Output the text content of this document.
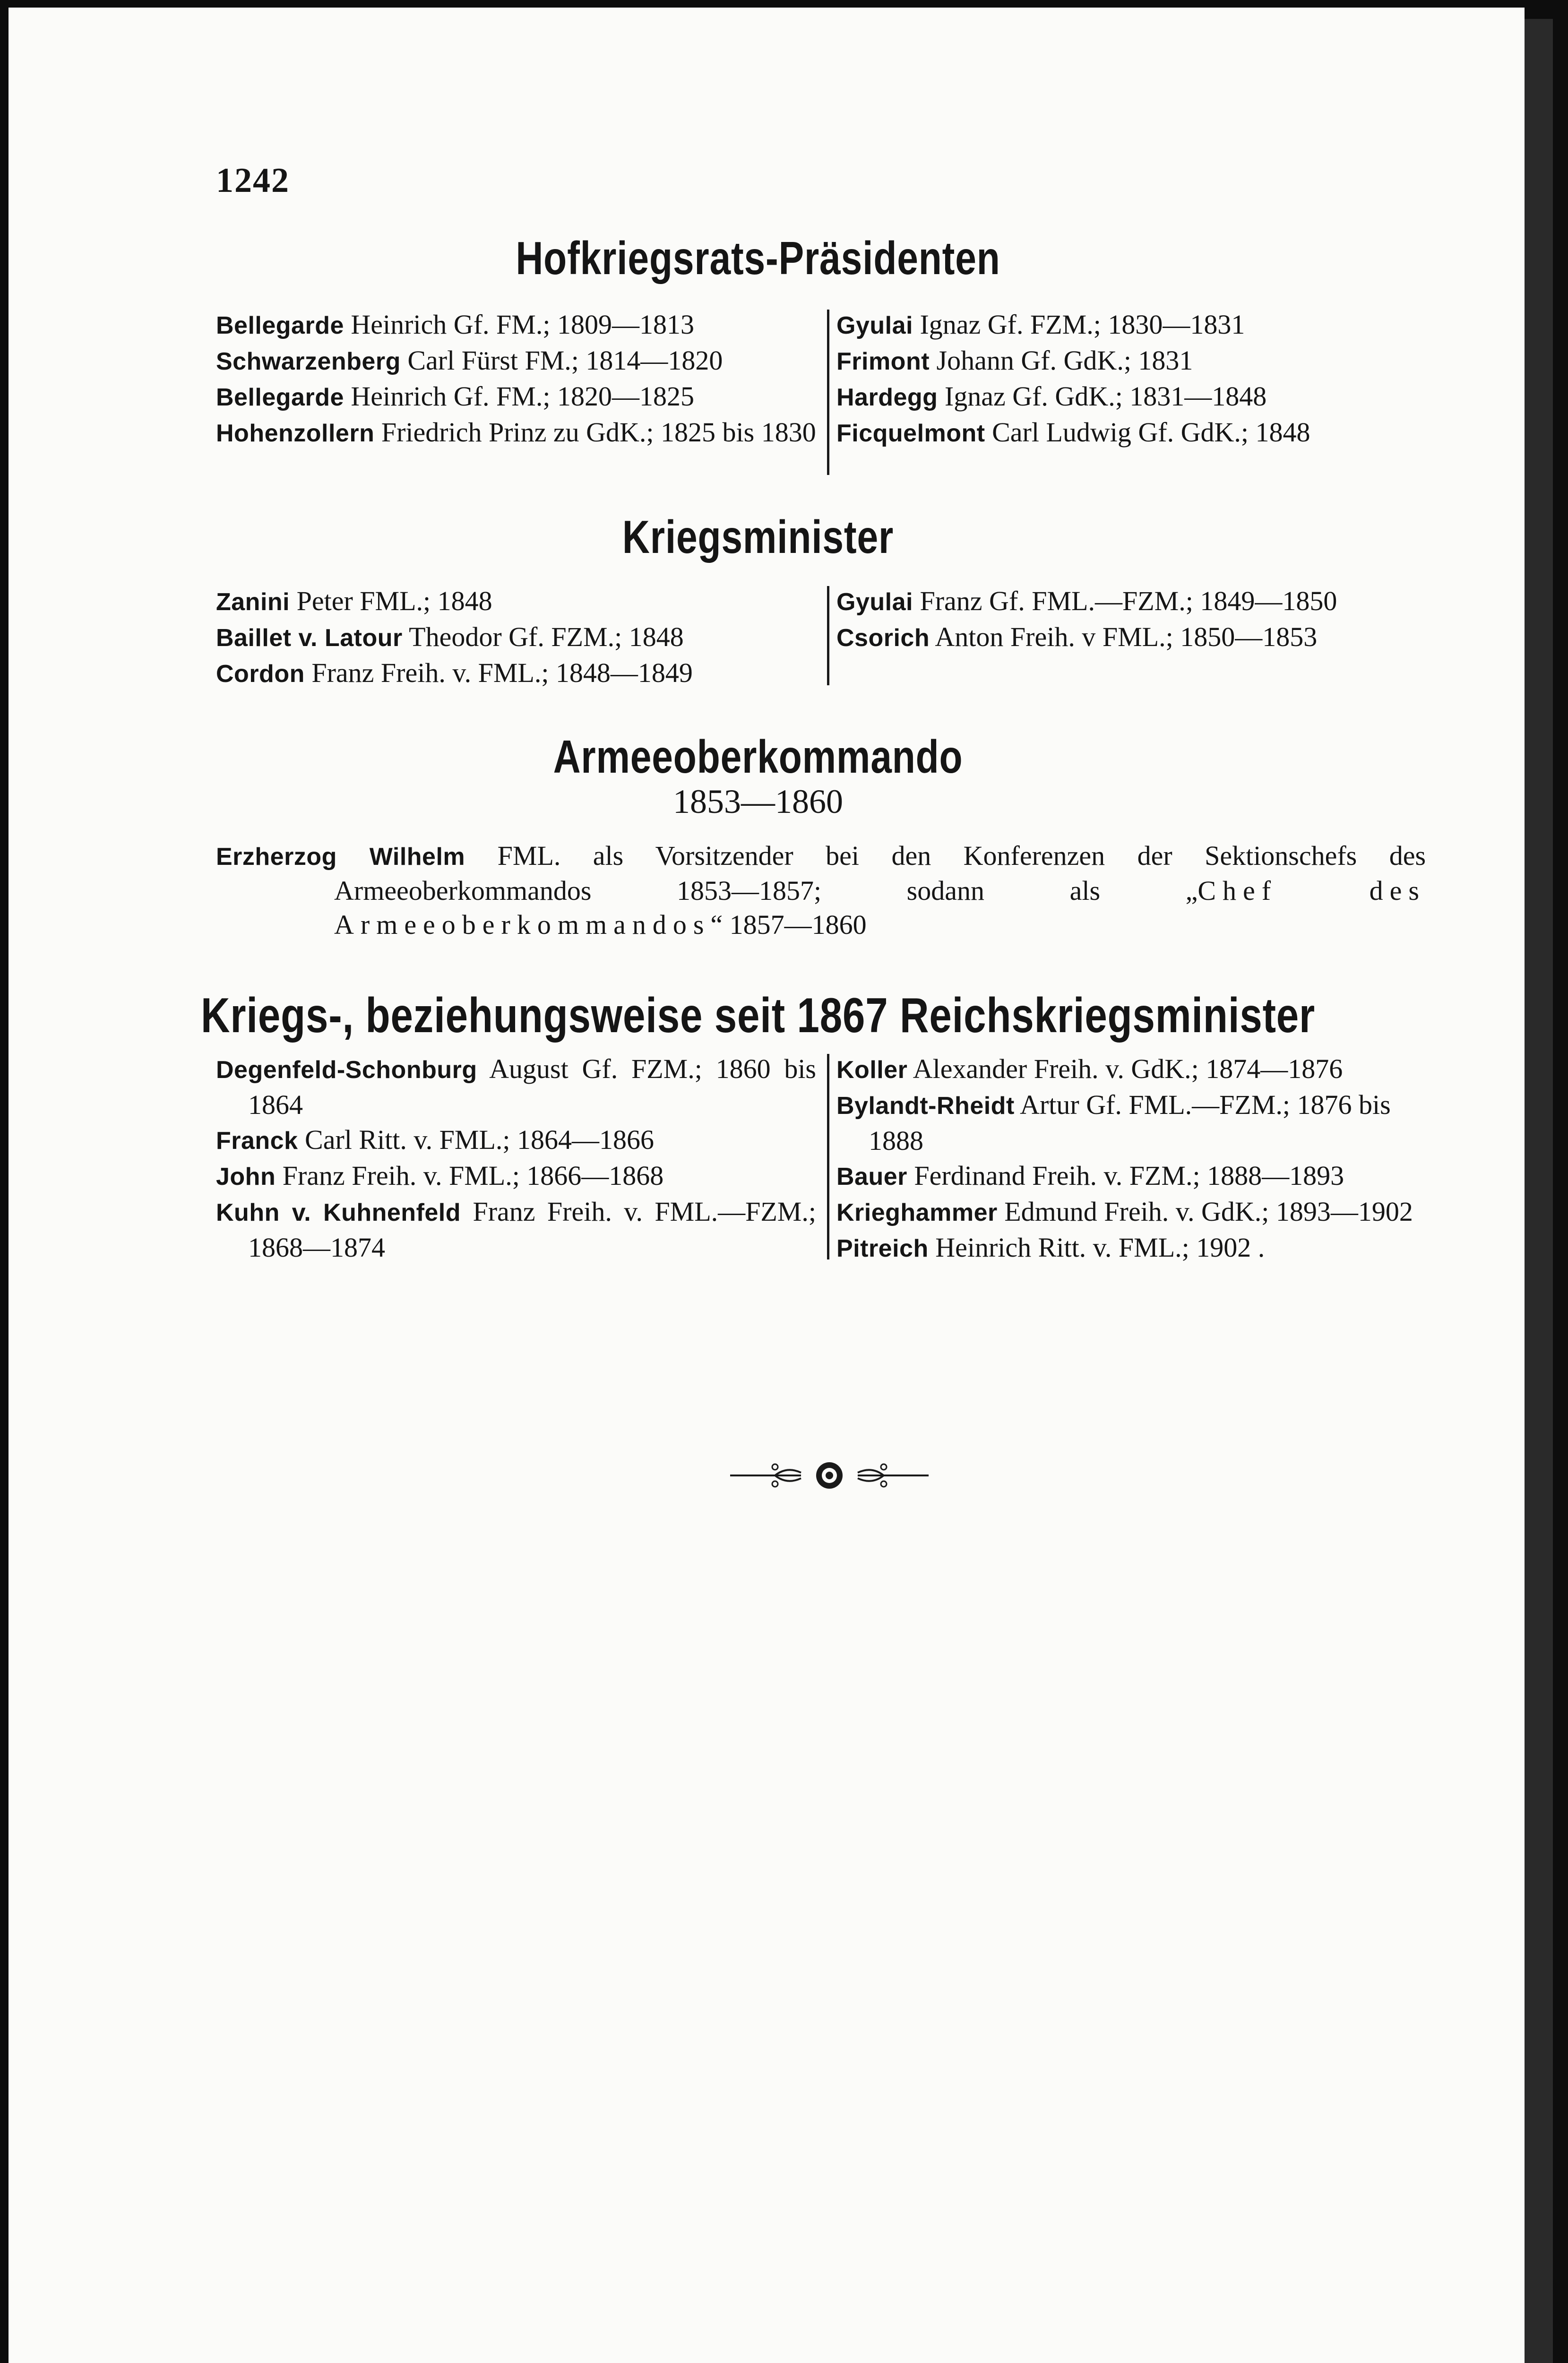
1242
Hofkriegsrats-Präsidenten

Bellegarde Heinrich Gf. FM.; 1809—1813

Schwarzenberg Carl Fürst FM.; 1814—1820

Bellegarde Heinrich Gf. FM.; 1820—1825

Hohenzollern Friedrich Prinz zu GdK.; 1825 bis 1830

Gyulai Ignaz Gf. FZM.; 1830—1831

Frimont Johann Gf. GdK.; 1831

Hardegg Ignaz Gf. GdK.; 1831—1848

Ficquelmont Carl Ludwig Gf. GdK.; 1848

Kriegsminister

Zanini Peter FML.; 1848

Baillet v. Latour Theodor Gf. FZM.; 1848

Cordon Franz Freih. v. FML.; 1848—1849

Gyulai Franz Gf. FML.—FZM.; 1849—1850

Csorich Anton Freih. v FML.; 1850—1853

Armeeoberkommando
1853—1860

Erzherzog Wilhelm FML. als Vorsitzender bei den Konferenzen der Sektionschefs des Armeeoberkommandos 1853—1857; sodann als „Chef des Armeeoberkommandos“ 1857—1860

Kriegs-, beziehungsweise seit 1867 Reichskriegsminister

Degenfeld-Schonburg August Gf. FZM.; 1860 bis 1864

Franck Carl Ritt. v. FML.; 1864—1866

John Franz Freih. v. FML.; 1866—1868

Kuhn v. Kuhnenfeld Franz Freih. v. FML.—FZM.; 1868—1874

Koller Alexander Freih. v. GdK.; 1874—1876

Bylandt-Rheidt Artur Gf. FML.—FZM.; 1876 bis 1888

Bauer Ferdinand Freih. v. FZM.; 1888—1893

Krieghammer Edmund Freih. v. GdK.; 1893—1902

Pitreich Heinrich Ritt. v. FML.; 1902 .
